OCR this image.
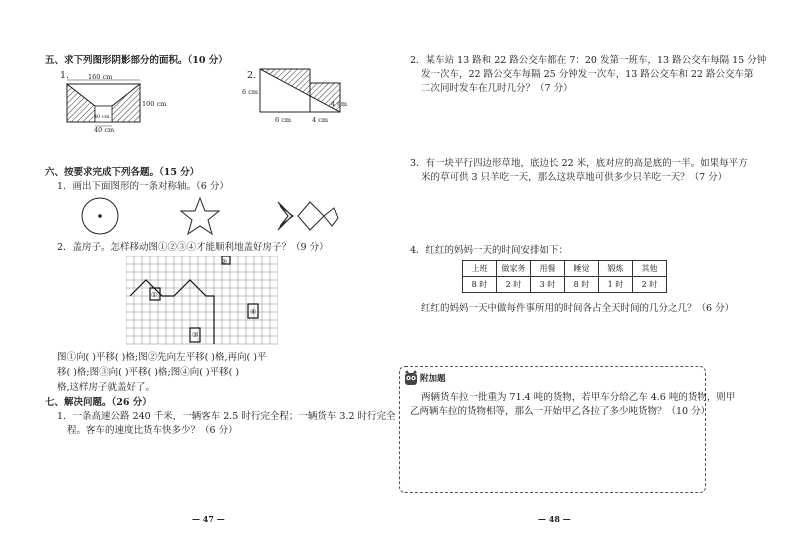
五、求下列图形阴影部分的面积。（10 分）
1.	160 cm
100 cm
40 cm
40 cm
2.
6 cm
4 cm
6 cm	4 cm
六、按要求完成下列各题。（15 分）
1．画出下面图形的一条对称轴。（6 分）
2．盖房子。怎样移动图①②③④才能顺利地盖好房子？（9 分）
②
①
④
③
图①向( )平移( )格;图②先向左平移( )格,再向( )平
移( )格;图③向( )平移( )格;图④向( )平移( )
格,这样房子就盖好了。
七、解决问题。（26 分）
1．一条高速公路 240 千米，一辆客车 2.5 时行完全程；一辆货车 3.2 时行完全
程。客车的速度比货车快多少？（6 分）
— 47 —
2．某车站 13 路和 22 路公交车都在 7：20 发第一班车，13 路公交车每隔 15 分钟
发一次车，22 路公交车每隔 25 分钟发一次车，13 路公交车和 22 路公交车第
二次同时发车在几时几分？（7 分）
3．有一块平行四边形草地，底边长 22 米，底对应的高是底的一半。如果每平方
米的草可供 3 只羊吃一天，那么这块草地可供多少只羊吃一天？（7 分）
4．红红的妈妈一天的时间安排如下：
上班	做家务	用餐	睡觉	锻炼	其他
8 时	2 时	3 时	8 时	1 时	2 时
红红的妈妈一天中做每件事所用的时间各占全天时间的几分之几？（6 分）
附加题
两辆货车拉一批重为 71.4 吨的货物，若甲车分给乙车 4.6 吨的货物，则甲
乙两辆车拉的货物相等，那么一开始甲乙各拉了多少吨货物？（10 分）
— 48 —
